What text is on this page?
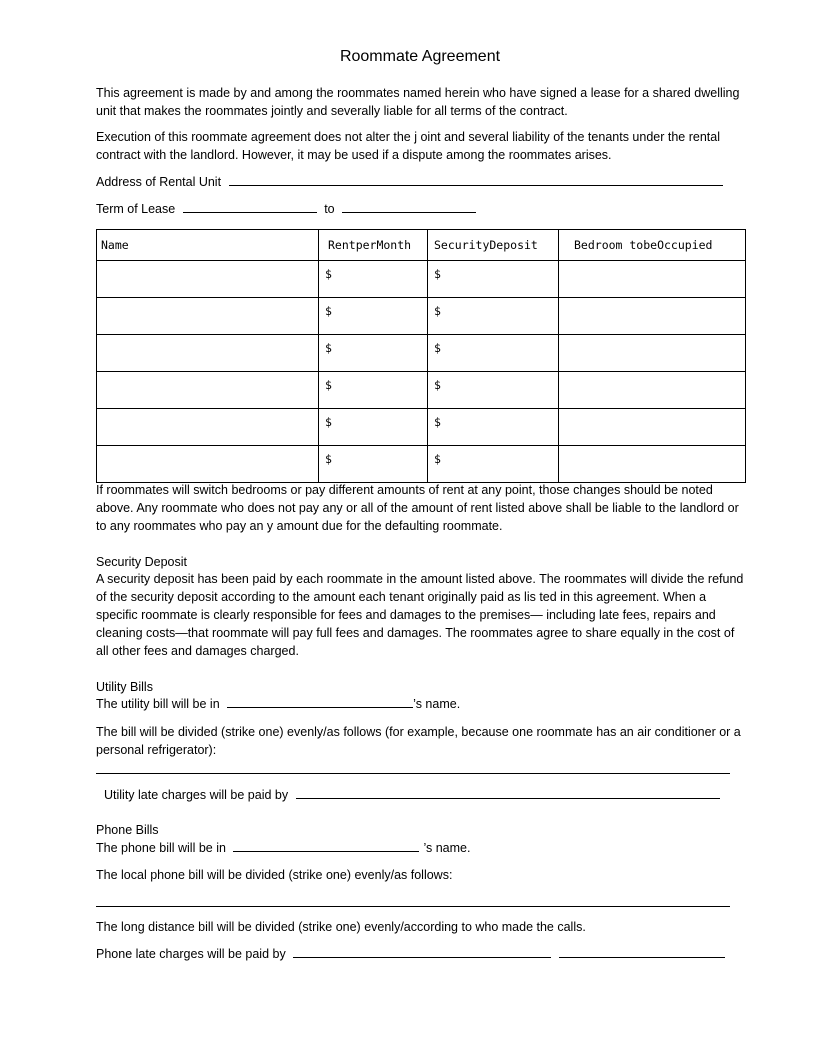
Roommate Agreement
This agreement is made by and among the roommates named herein who have signed a lease for a shared dwelling unit that makes the roommates jointly and severally liable for all terms of the contract.
Execution of this roommate agreement does not alter the j oint and several liability of the tenants under the rental contract with the landlord. However, it may be used if a dispute among the roommates arises.
Address of Rental Unit
Term of Lease	to
Name	RentperMonth	SecurityDeposit	Bedroom tobeOccupied

	$	$	

	$	$	

	$	$	

	$	$	

	$	$	

	$	$	

If roommates will switch bedrooms or pay different amounts of rent at any point, those changes should be noted above. Any roommate who does not pay any or all of the amount of rent listed above shall be liable to the landlord or to any roommates who pay an y amount due for the defaulting roommate.
Security Deposit
A security deposit has been paid by each roommate in the amount listed above. The roommates will divide the refund of the security deposit according to the amount each tenant originally paid as lis ted in this agreement. When a specific roommate is clearly responsible for fees and damages to the premises— including late fees, repairs and cleaning costs—that roommate will pay full fees and damages. The roommates agree to share equally in the cost of all other fees and damages charged.
Utility Bills
The utility bill will be in	’s name.
The bill will be divided (strike one) evenly/as follows (for example, because one roommate has an air conditioner or a personal refrigerator):
Utility late charges will be paid by
Phone Bills
The phone bill will be in	’s name.
The local phone bill will be divided (strike one) evenly/as follows:
The long distance bill will be divided (strike one) evenly/according to who made the calls.
Phone late charges will be paid by
